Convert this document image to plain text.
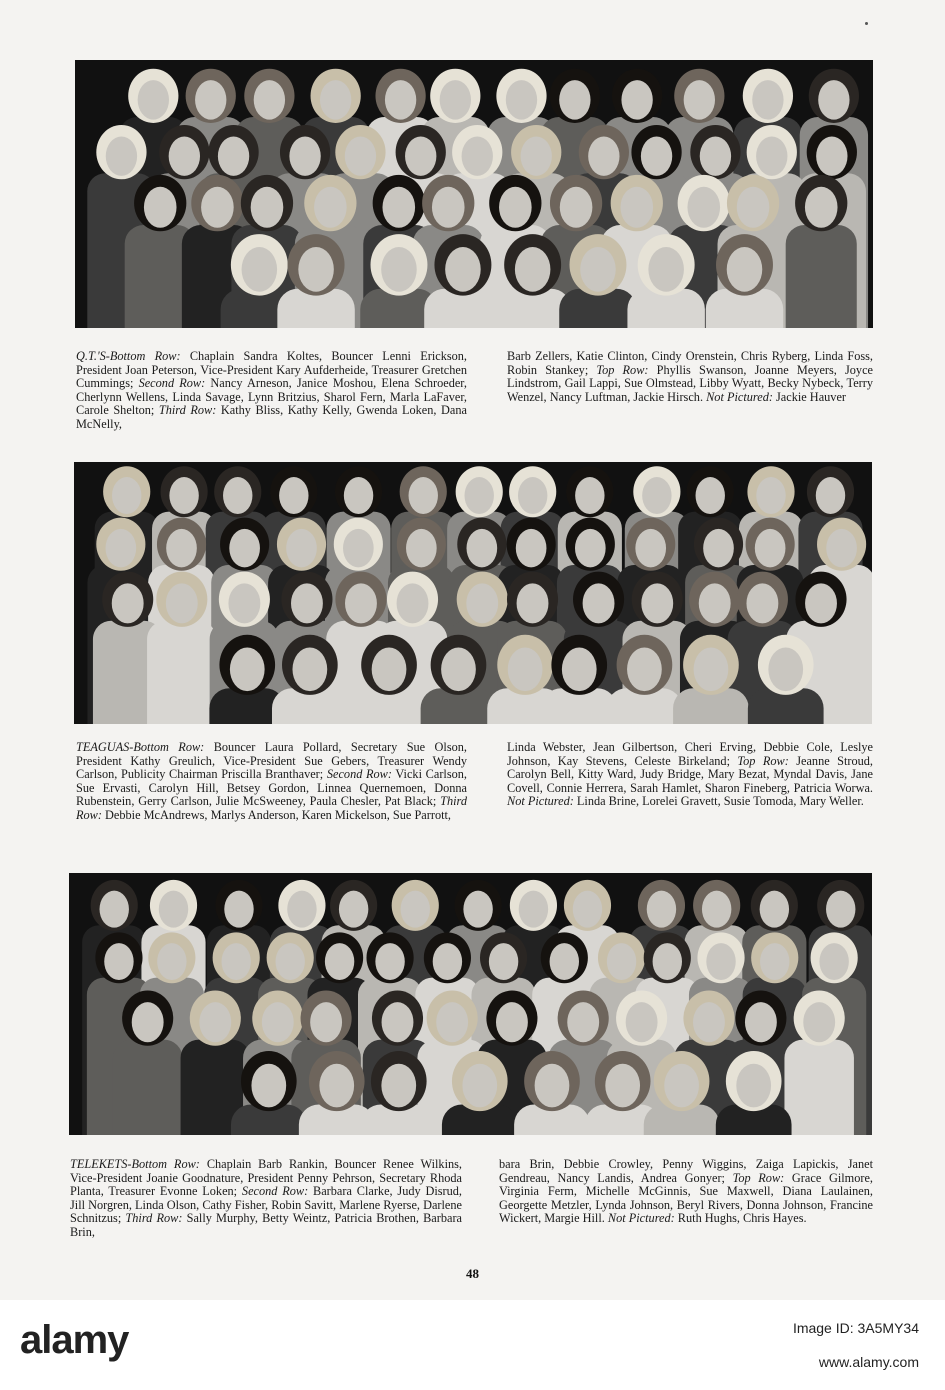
Q.T.'S-Bottom Row: Chaplain Sandra Koltes, Bouncer Lenni Erickson, President Joan Peterson, Vice-President Kary Aufderheide, Treasurer Gretchen Cummings; Second Row: Nancy Arneson, Janice Moshou, Elena Schroeder, Cherlynn Wellens, Linda Savage, Lynn Britzius, Sharol Fern, Marla LaFaver, Carole Shelton; Third Row: Kathy Bliss, Kathy Kelly, Gwenda Loken, Dana McNelly,
Barb Zellers, Katie Clinton, Cindy Orenstein, Chris Ryberg, Linda Foss, Robin Stankey; Top Row: Phyllis Swanson, Joanne Meyers, Joyce Lindstrom, Gail Lappi, Sue Olmstead, Libby Wyatt, Becky Nybeck, Terry Wenzel, Nancy Luftman, Jackie Hirsch. Not Pictured: Jackie Hauver
TEAGUAS-Bottom Row: Bouncer Laura Pollard, Secretary Sue Olson, President Kathy Greulich, Vice-President Sue Gebers, Treasurer Wendy Carlson, Publicity Chairman Priscilla Branthaver; Second Row: Vicki Carlson, Sue Ervasti, Carolyn Hill, Betsey Gordon, Linnea Quernemoen, Donna Rubenstein, Gerry Carlson, Julie McSweeney, Paula Chesler, Pat Black; Third Row: Debbie McAndrews, Marlys Anderson, Karen Mickelson, Sue Parrott,
Linda Webster, Jean Gilbertson, Cheri Erving, Debbie Cole, Leslye Johnson, Kay Stevens, Celeste Birkeland; Top Row: Jeanne Stroud, Carolyn Bell, Kitty Ward, Judy Bridge, Mary Bezat, Myndal Davis, Jane Covell, Connie Herrera, Sarah Hamlet, Sharon Fineberg, Patricia Worwa. Not Pictured: Linda Brine, Lorelei Gravett, Susie Tomoda, Mary Weller.
TELEKETS-Bottom Row: Chaplain Barb Rankin, Bouncer Renee Wilkins, Vice-President Joanie Goodnature, President Penny Pehrson, Secretary Rhoda Planta, Treasurer Evonne Loken; Second Row: Barbara Clarke, Judy Disrud, Jill Norgren, Linda Olson, Cathy Fisher, Robin Savitt, Marlene Ryerse, Darlene Schnitzus; Third Row: Sally Murphy, Betty Weintz, Patricia Brothen, Barbara Brin,
bara Brin, Debbie Crowley, Penny Wiggins, Zaiga Lapickis, Janet Gendreau, Nancy Landis, Andrea Gonyer; Top Row: Grace Gilmore, Virginia Ferm, Michelle McGinnis, Sue Maxwell, Diana Laulainen, Georgette Metzler, Lynda Johnson, Beryl Rivers, Donna Johnson, Francine Wickert, Margie Hill. Not Pictured: Ruth Hughs, Chris Hayes.
48
alamy	Image ID: 3A5MY34
www.alamy.com
